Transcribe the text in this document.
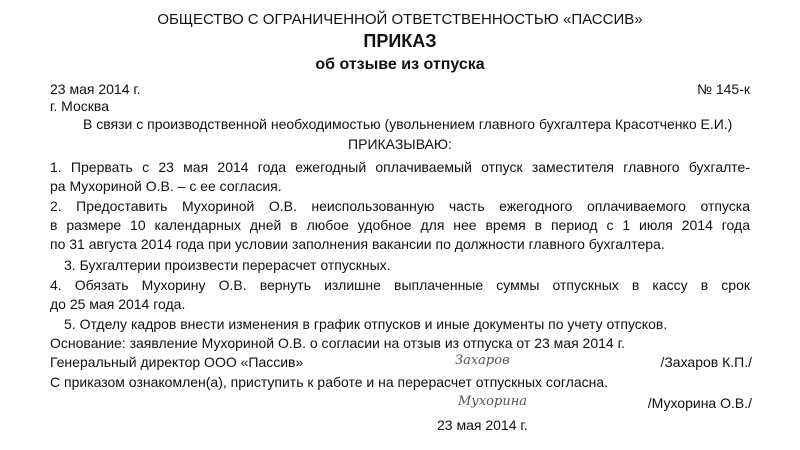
ОБЩЕСТВО С ОГРАНИЧЕННОЙ ОТВЕТСТВЕННОСТЬЮ «ПАССИВ»
ПРИКАЗ
об отзыве из отпуска
23 мая 2014 г.	№ 145-к
г. Москва
В связи с производственной необходимостью (увольнением главного бухгалтера Красотченко Е.И.)
ПРИКАЗЫВАЮ:
1. Прервать с 23 мая 2014 года ежегодный оплачиваемый отпуск заместителя главного бухгалте-
ра Мухориной О.В. – с ее согласия.
2. Предоставить Мухориной О.В. неиспользованную часть ежегодного оплачиваемого отпуска
в размере 10 календарных дней в любое удобное для нее время в период с 1 июля 2014 года
по 31 августа 2014 года при условии заполнения вакансии по должности главного бухгалтера.
3. Бухгалтерии произвести перерасчет отпускных.
4. Обязать Мухорину О.В. вернуть излишне выплаченные суммы отпускных в кассу в срок
до 25 мая 2014 года.
5. Отделу кадров внести изменения в график отпусков и иные документы по учету отпусков.
Основание: заявление Мухориной О.В. о согласии на отзыв из отпуска от 23 мая 2014 г.
Генеральный директор ООО «Пассив»	Захаров	/Захаров К.П./
С приказом ознакомлен(а), приступить к работе и на перерасчет отпускных согласна.
Мухорина	/Мухорина О.В./
23 мая 2014 г.
